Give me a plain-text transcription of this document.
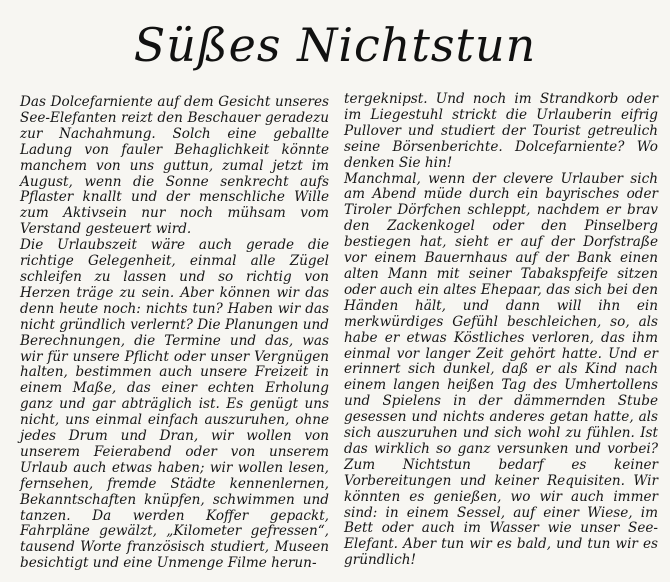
Süßes Nichtstun

Das Dolcefarniente auf dem Gesicht unseres See-Elefanten reizt den Beschauer geradezu zur Nachahmung. Solch eine geballte Ladung von fauler Behaglichkeit könnte manchem von uns guttun, zumal jetzt im August, wenn die Sonne senkrecht aufs Pflaster knallt und der menschliche Wille zum Aktivsein nur noch mühsam vom Verstand gesteuert wird.

Die Urlaubszeit wäre auch gerade die richtige Gelegenheit, einmal alle Zügel schleifen zu lassen und so richtig von Herzen träge zu sein. Aber können wir das denn heute noch: nichts tun? Haben wir das nicht gründlich verlernt? Die Planungen und Berechnungen, die Termine und das, was wir für unsere Pflicht oder unser Vergnügen halten, bestimmen auch unsere Freizeit in einem Maße, das einer echten Erholung ganz und gar abträglich ist. Es genügt uns nicht, uns einmal einfach auszuruhen, ohne jedes Drum und Dran, wir wollen von unserem Feierabend oder von unserem Urlaub auch etwas haben; wir wollen lesen, fernsehen, fremde Städte kennenlernen, Bekanntschaften knüpfen, schwimmen und tanzen. Da werden Koffer gepackt, Fahrpläne gewälzt, „Kilometer gefressen“, tausend Worte französisch studiert, Museen besichtigt und eine Unmenge Filme herun-

tergeknipst. Und noch im Strandkorb oder im Liegestuhl strickt die Urlauberin eifrig Pullover und studiert der Tourist getreulich seine Börsenberichte. Dolcefarniente? Wo denken Sie hin!

Manchmal, wenn der clevere Urlauber sich am Abend müde durch ein bayrisches oder Tiroler Dörfchen schleppt, nachdem er brav den Zackenkogel oder den Pinselberg bestiegen hat, sieht er auf der Dorfstraße vor einem Bauernhaus auf der Bank einen alten Mann mit seiner Tabakspfeife sitzen oder auch ein altes Ehepaar, das sich bei den Händen hält, und dann will ihn ein merkwürdiges Gefühl beschleichen, so, als habe er etwas Köstliches verloren, das ihm einmal vor langer Zeit gehört hatte. Und er erinnert sich dunkel, daß er als Kind nach einem langen heißen Tag des Umhertollens und Spielens in der dämmernden Stube gesessen und nichts anderes getan hatte, als sich auszuruhen und sich wohl zu fühlen. Ist das wirklich so ganz versunken und vorbei? Zum Nichtstun bedarf es keiner Vorbereitungen und keiner Requisiten. Wir könnten es genießen, wo wir auch immer sind: in einem Sessel, auf einer Wiese, im Bett oder auch im Wasser wie unser See-Elefant. Aber tun wir es bald, und tun wir es gründlich!
